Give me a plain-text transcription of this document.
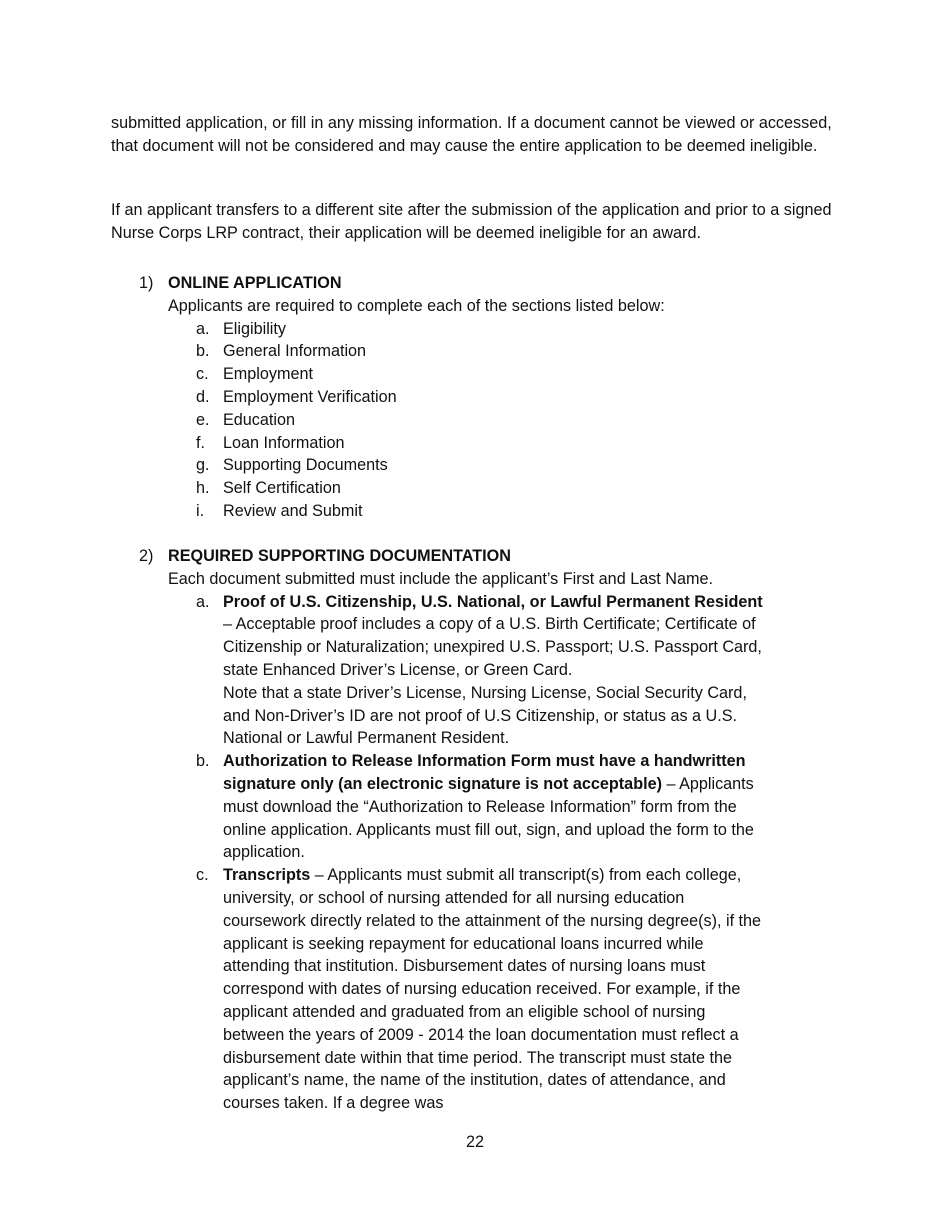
submitted application, or fill in any missing information. If a document cannot be viewed or accessed, that document will not be considered and may cause the entire application to be deemed ineligible.

If an applicant transfers to a different site after the submission of the application and prior to a signed Nurse Corps LRP contract, their application will be deemed ineligible for an award.

1) ONLINE APPLICATION

Applicants are required to complete each of the sections listed below:

a. Eligibility
b. General Information
c. Employment
d. Employment Verification
e. Education
f. Loan Information
g. Supporting Documents
h. Self Certification
i. Review and Submit
2) REQUIRED SUPPORTING DOCUMENTATION

Each document submitted must include the applicant’s First and Last Name.

a. Proof of U.S. Citizenship, U.S. National, or Lawful Permanent Resident – Acceptable proof includes a copy of a U.S. Birth Certificate; Certificate of Citizenship or Naturalization; unexpired U.S. Passport; U.S. Passport Card, state Enhanced Driver’s License, or Green Card.
Note that a state Driver’s License, Nursing License, Social Security Card, and Non-Driver’s ID are not proof of U.S Citizenship, or status as a U.S. National or Lawful Permanent Resident.
b. Authorization to Release Information Form must have a handwritten signature only (an electronic signature is not acceptable) – Applicants must download the “Authorization to Release Information” form from the online application. Applicants must fill out, sign, and upload the form to the application.
c. Transcripts – Applicants must submit all transcript(s) from each college, university, or school of nursing attended for all nursing education coursework directly related to the attainment of the nursing degree(s), if the applicant is seeking repayment for educational loans incurred while attending that institution. Disbursement dates of nursing loans must correspond with dates of nursing education received. For example, if the applicant attended and graduated from an eligible school of nursing between the years of 2009 - 2014 the loan documentation must reflect a disbursement date within that time period. The transcript must state the applicant’s name, the name of the institution, dates of attendance, and courses taken. If a degree was
22
